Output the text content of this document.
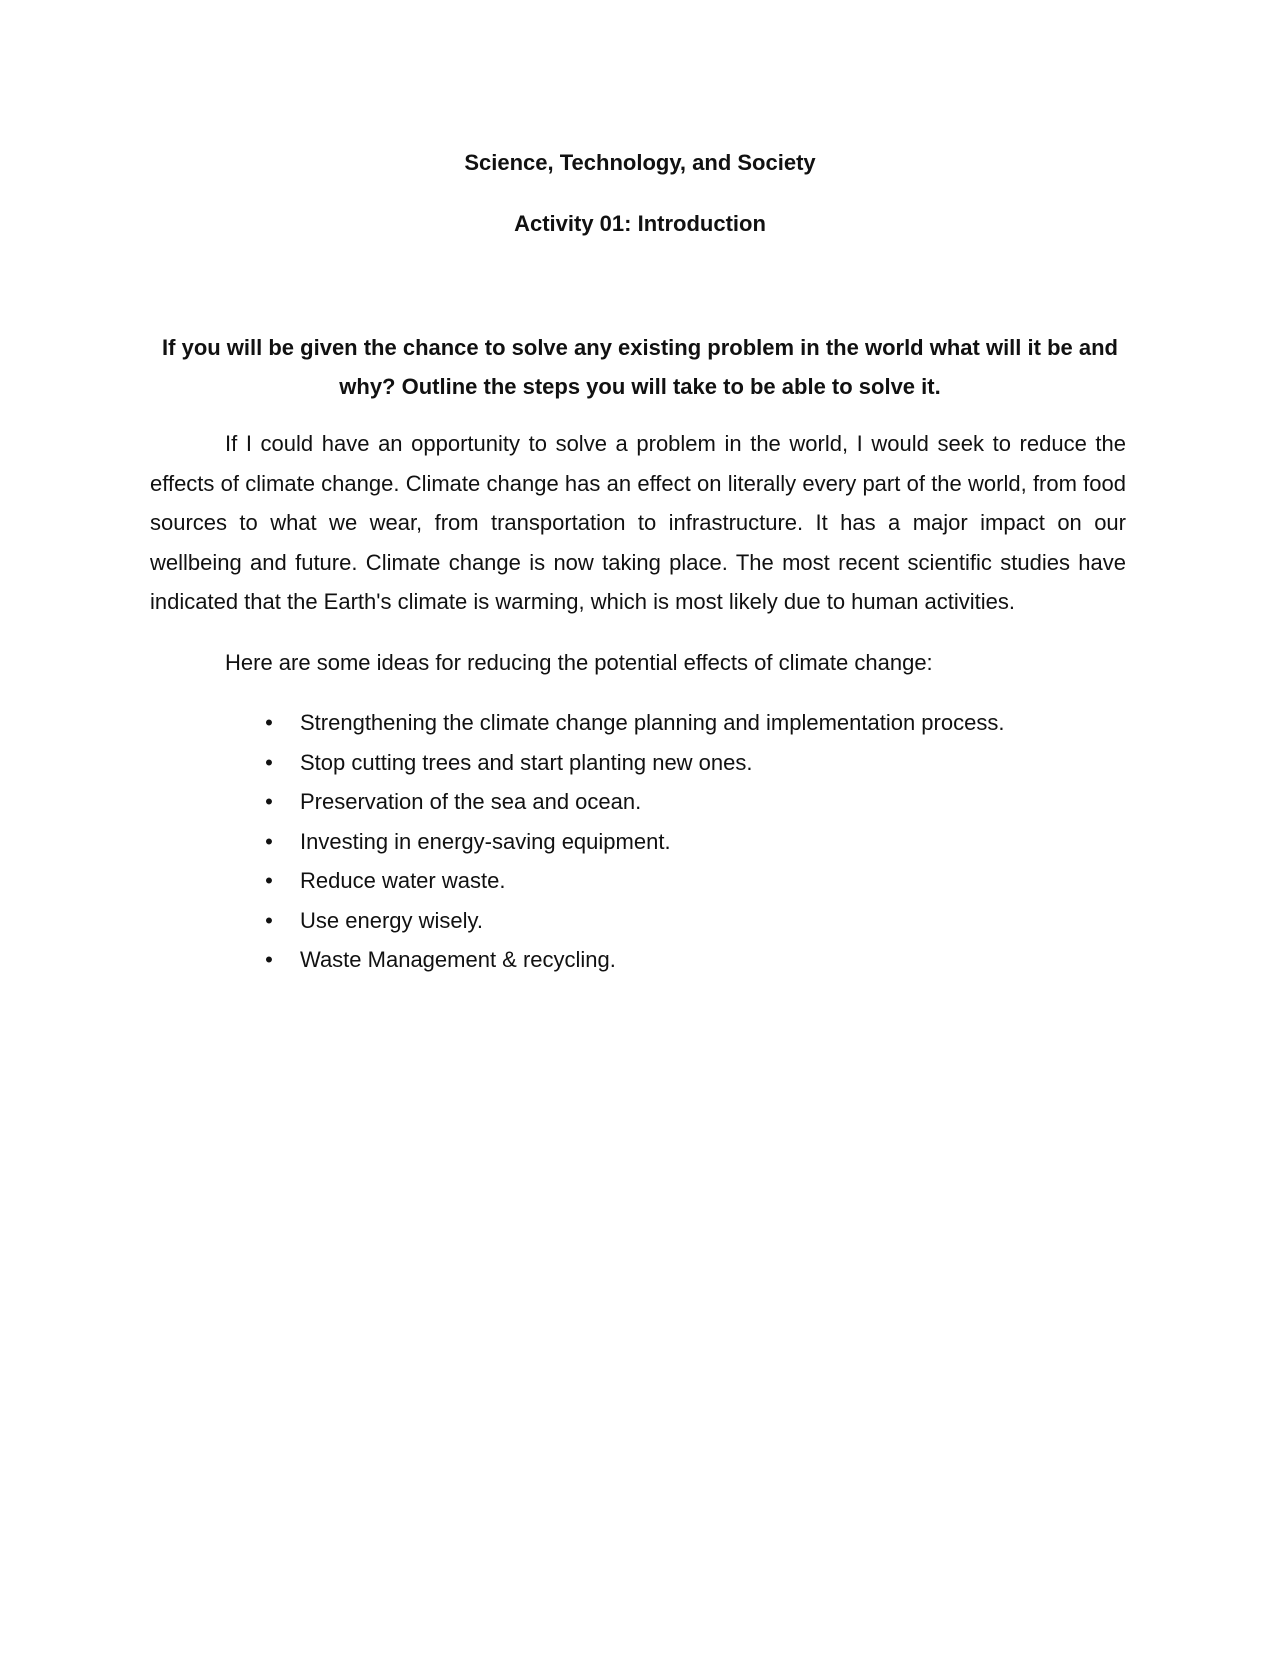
Science, Technology, and Society
Activity 01: Introduction

If you will be given the chance to solve any existing problem in the world what will it be and why? Outline the steps you will take to be able to solve it.

If I could have an opportunity to solve a problem in the world, I would seek to reduce the effects of climate change. Climate change has an effect on literally every part of the world, from food sources to what we wear, from transportation to infrastructure. It has a major impact on our wellbeing and future. Climate change is now taking place. The most recent scientific studies have indicated that the Earth's climate is warming, which is most likely due to human activities.

Here are some ideas for reducing the potential effects of climate change:

• Strengthening the climate change planning and implementation process.
• Stop cutting trees and start planting new ones.
• Preservation of the sea and ocean.
• Investing in energy-saving equipment.
• Reduce water waste.
• Use energy wisely.
• Waste Management & recycling.
